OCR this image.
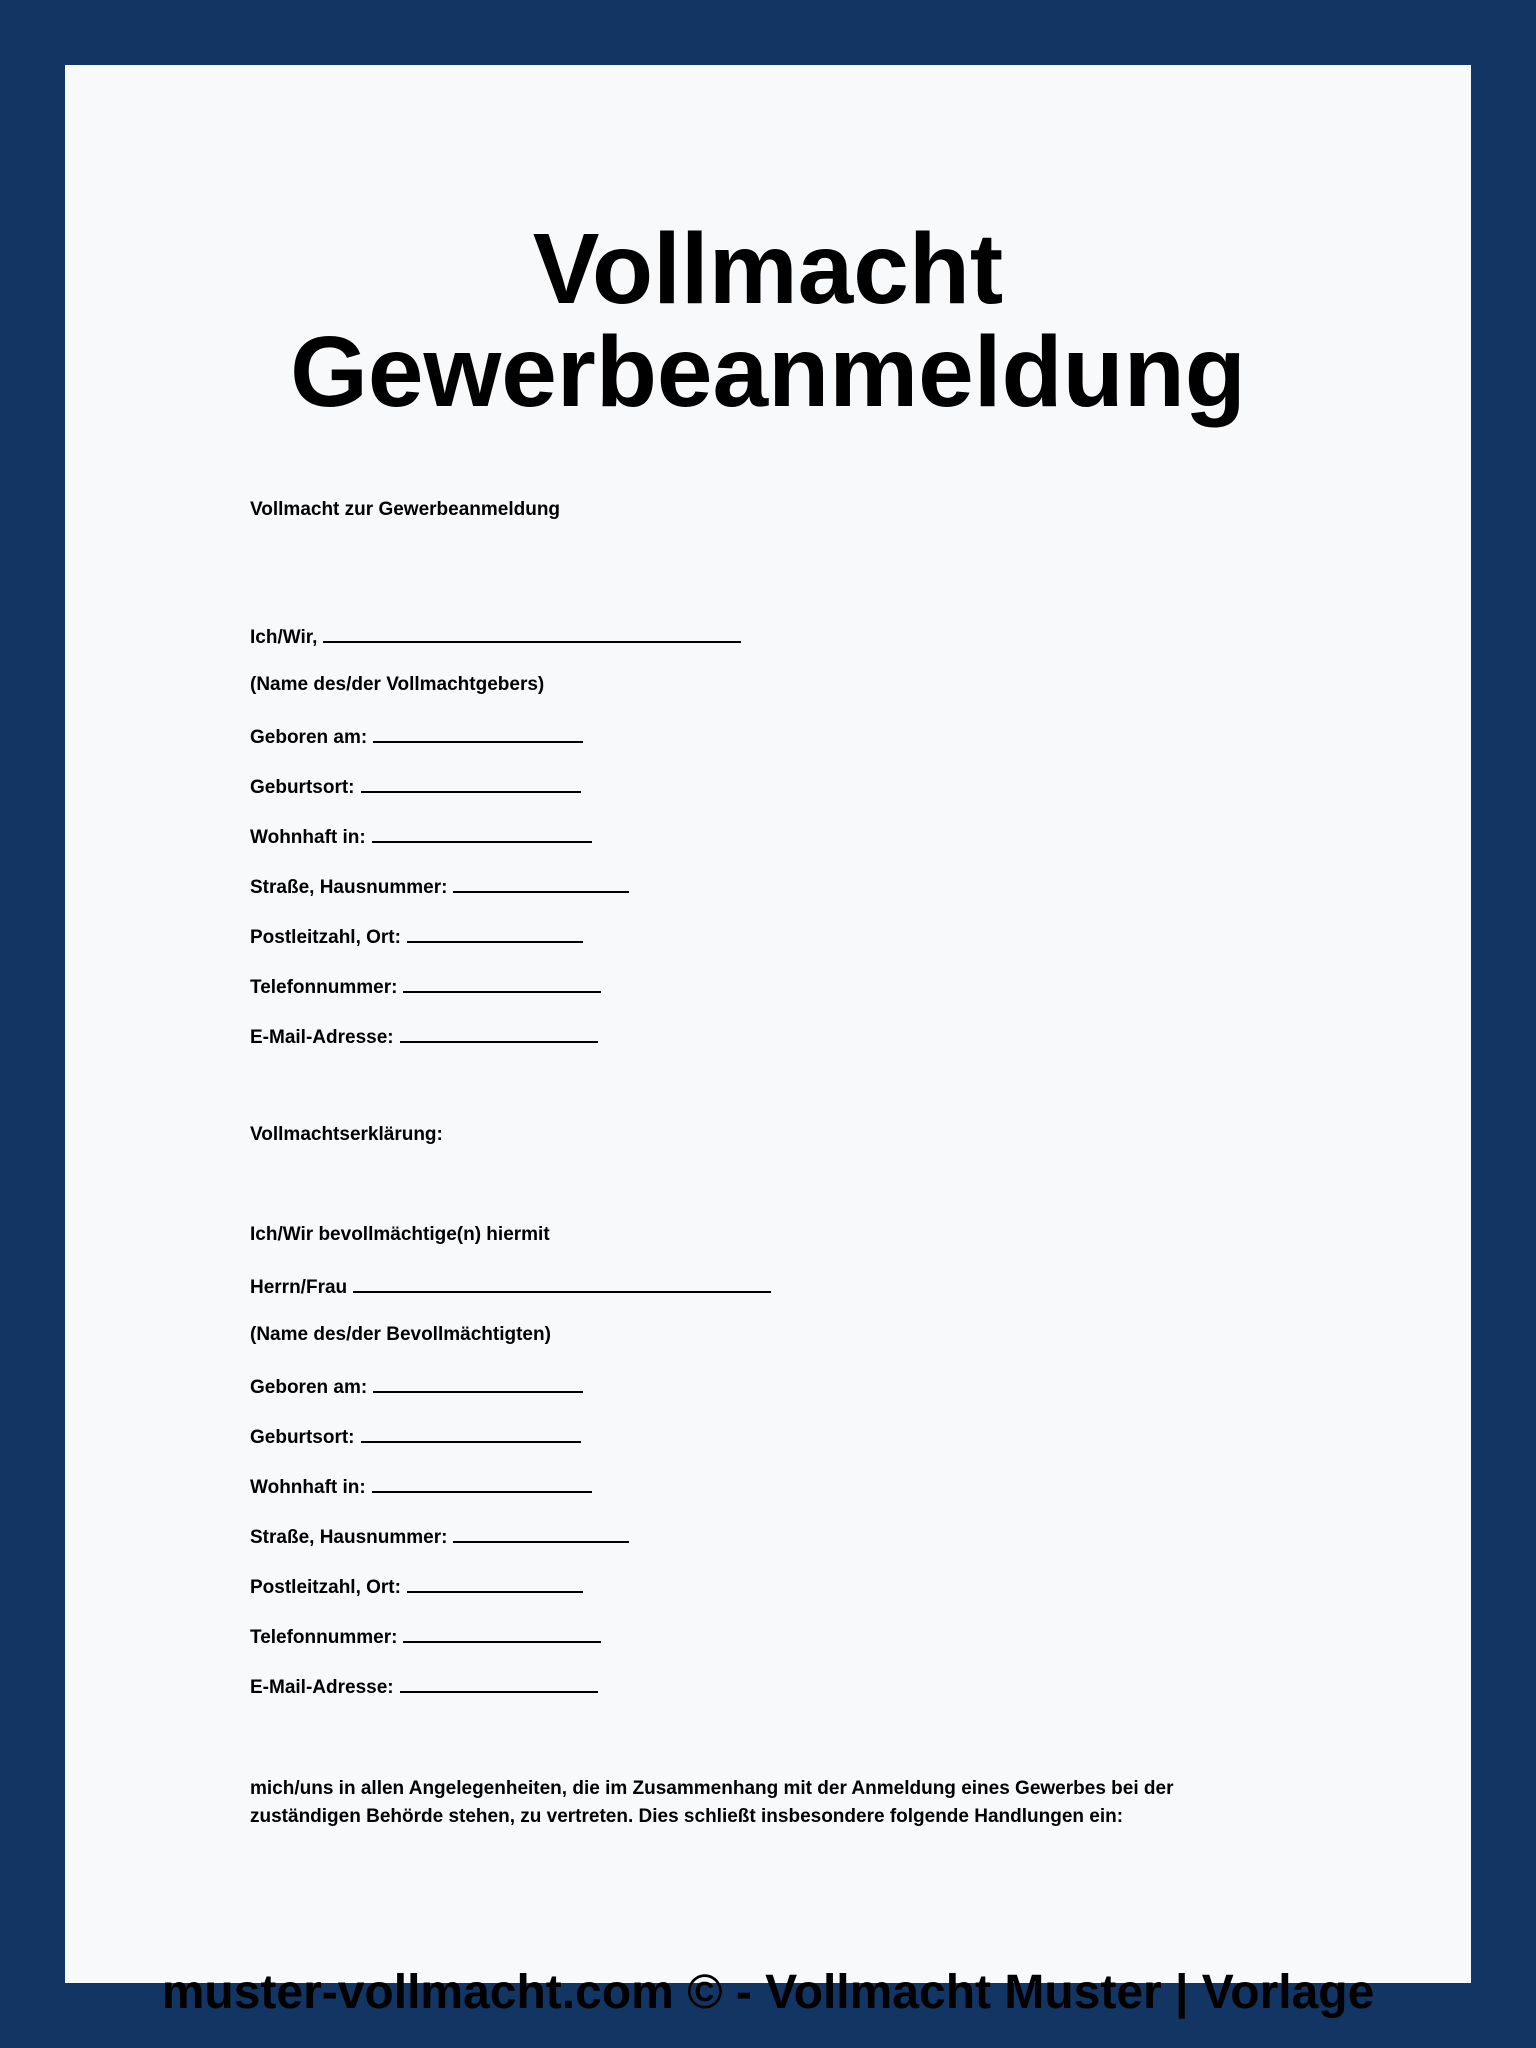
Vollmacht
Gewerbeanmeldung
Vollmacht zur Gewerbeanmeldung
Ich/Wir,
(Name des/der Vollmachtgebers)
Geboren am:
Geburtsort:
Wohnhaft in:
Straße, Hausnummer:
Postleitzahl, Ort:
Telefonnummer:
E-Mail-Adresse:
Vollmachtserklärung:
Ich/Wir bevollmächtige(n) hiermit
Herrn/Frau
(Name des/der Bevollmächtigten)
Geboren am:
Geburtsort:
Wohnhaft in:
Straße, Hausnummer:
Postleitzahl, Ort:
Telefonnummer:
E-Mail-Adresse:

mich/uns in allen Angelegenheiten, die im Zusammenhang mit der Anmeldung eines Gewerbes bei der
zuständigen Behörde stehen, zu vertreten. Dies schließt insbesondere folgende Handlungen ein:

muster-vollmacht.com © - Vollmacht Muster | Vorlage
